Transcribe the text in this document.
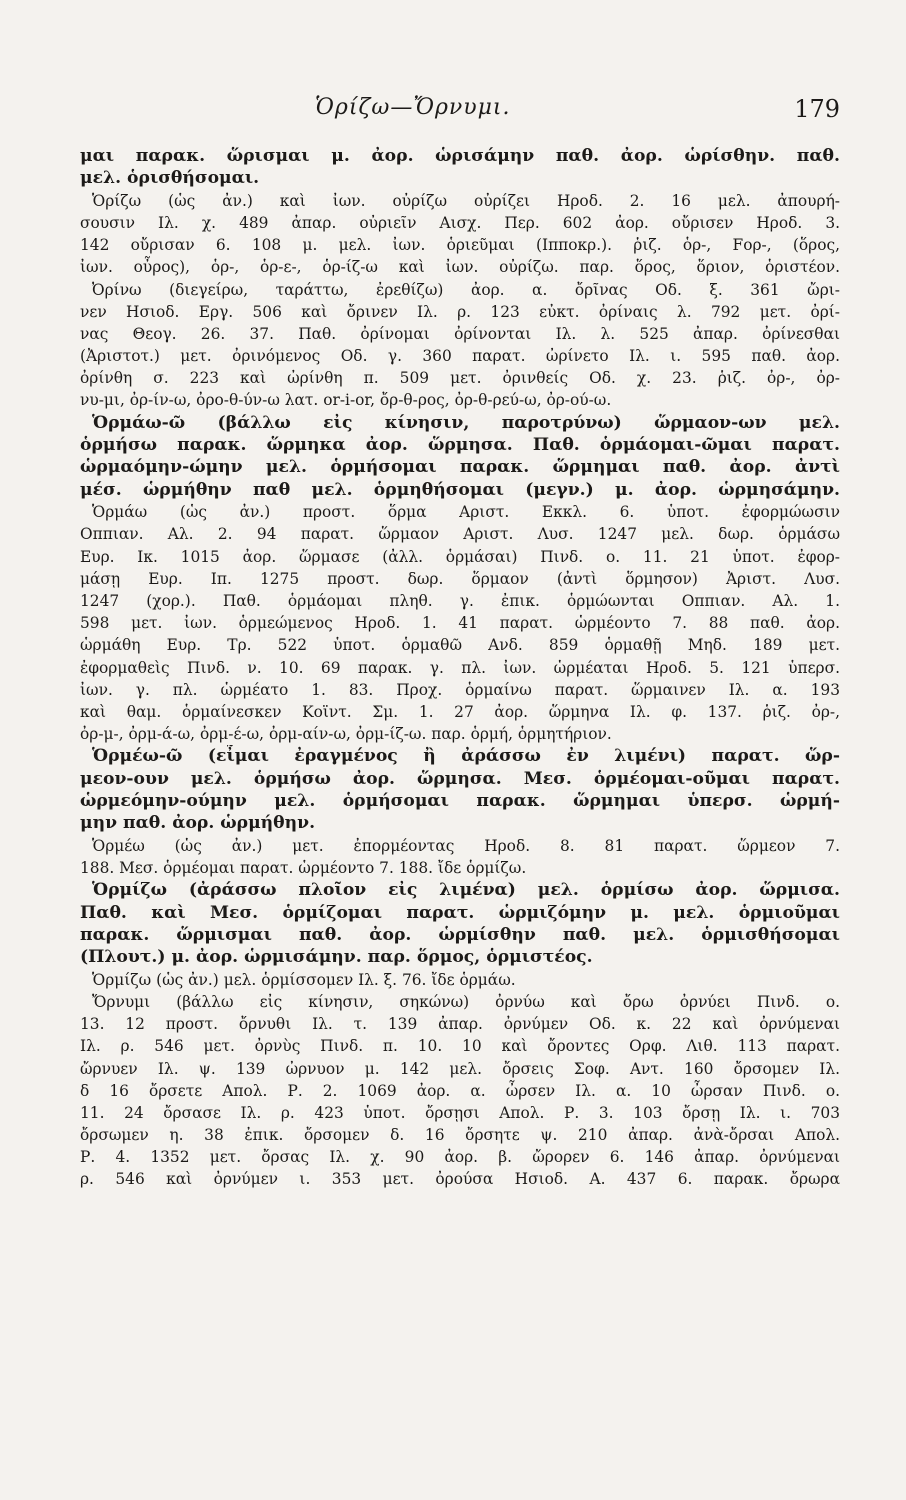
Ὁρίζω—Ὄρνυμι.	179
μαι παρακ. ὥρισμαι μ. ἀορ. ὡρισάμην παθ. ἀορ. ὡρίσθην. παθ.
μελ. ὁρισθήσομαι.
Ὁρίζω (ὡς ἀν.) καὶ ἰων. οὐρίζω οὐρίζει Ηροδ. 2. 16 μελ. ἀπουρή-
σουσιν Ιλ. χ. 489 ἀπαρ. οὐριεῖν Αισχ. Περ. 602 ἀορ. οὔρισεν Ηροδ. 3.
142 οὔρισαν 6. 108 μ. μελ. ἰων. ὁριεῦμαι (Ιπποκρ.). ῥιζ. ὁρ-, Fορ-, (ὅρος,
ἰων. οὖρος), ὁρ-, ὁρ-ε-, ὁρ-ίζ-ω καὶ ἰων. οὐρίζω. παρ. ὅρος, ὅριον, ὁριστέον.
Ὀρίνω (διεγείρω, ταράττω, ἐρεθίζω) ἀορ. α. ὄρῖνας Οδ. ξ. 361 ὤρι-
νεν Ησιοδ. Εργ. 506 καὶ ὄρινεν Ιλ. ρ. 123 εὐκτ. ὀρίναις λ. 792 μετ. ὀρί-
νας Θεογ. 26. 37. Παθ. ὀρίνομαι ὀρίνονται Ιλ. λ. 525 ἀπαρ. ὀρίνεσθαι
(Ἀριστοτ.) μετ. ὀρινόμενος Οδ. γ. 360 παρατ. ὠρίνετο Ιλ. ι. 595 παθ. ἀορ.
ὀρίνθη σ. 223 καὶ ὠρίνθη π. 509 μετ. ὀρινθείς Οδ. χ. 23. ῥιζ. ὀρ-, ὀρ-
νυ-μι, ὀρ-ίν-ω, ὀρο-θ-ύν-ω λατ. or-i-or, ὄρ-θ-ρος, ὀρ-θ-ρεύ-ω, ὀρ-ού-ω.
Ὁρμάω-ῶ (βάλλω εἰς κίνησιν, παροτρύνω) ὥρμαον-ων μελ.
ὁρμήσω παρακ. ὥρμηκα ἀορ. ὥρμησα. Παθ. ὁρμάομαι-ῶμαι παρατ.
ὡρμαόμην-ώμην μελ. ὁρμήσομαι παρακ. ὥρμημαι παθ. ἀορ. ἀντὶ
μέσ. ὡρμήθην παθ μελ. ὁρμηθήσομαι (μεγν.) μ. ἀορ. ὡρμησάμην.
Ὁρμάω (ὡς ἀν.) προστ. ὅρμα Αριστ. Εκκλ. 6. ὑποτ. ἐφορμώωσιν
Οππιαν. Αλ. 2. 94 παρατ. ὥρμαον Αριστ. Λυσ. 1247 μελ. δωρ. ὁρμάσω
Ευρ. Ικ. 1015 ἀορ. ὥρμασε (ἀλλ. ὁρμάσαι) Πινδ. ο. 11. 21 ὑποτ. ἐφορ-
μάσῃ Ευρ. Ιπ. 1275 προστ. δωρ. ὅρμαον (ἀντὶ ὅρμησον) Ἀριστ. Λυσ.
1247 (χορ.). Παθ. ὁρμάομαι πληθ. γ. ἐπικ. ὁρμώωνται Οππιαν. Αλ. 1.
598 μετ. ἰων. ὁρμεώμενος Ηροδ. 1. 41 παρατ. ὡρμέοντο 7. 88 παθ. ἀορ.
ὡρμάθη Ευρ. Τρ. 522 ὑποτ. ὁρμαθῶ Ανδ. 859 ὁρμαθῇ Μηδ. 189 μετ.
ἐφορμαθεὶς Πινδ. ν. 10. 69 παρακ. γ. πλ. ἰων. ὡρμέαται Ηροδ. 5. 121 ὑπερσ.
ἰων. γ. πλ. ὡρμέατο 1. 83. Προχ. ὁρμαίνω παρατ. ὥρμαινεν Ιλ. α. 193
καὶ θαμ. ὁρμαίνεσκεν Κοϊντ. Σμ. 1. 27 ἀορ. ὥρμηνα Ιλ. φ. 137. ῥιζ. ὀρ-,
ὀρ-μ-, ὀρμ-ά-ω, ὀρμ-έ-ω, ὀρμ-αίν-ω, ὀρμ-ίζ-ω. παρ. ὁρμή, ὁρμητήριον.
Ὁρμέω-ῶ (εἶμαι ἐραγμένος ἢ ἀράσσω ἐν λιμένι) παρατ. ὥρ-
μεον-ουν μελ. ὁρμήσω ἀορ. ὥρμησα. Μεσ. ὁρμέομαι-οῦμαι παρατ.
ὡρμεόμην-ούμην μελ. ὁρμήσομαι παρακ. ὥρμημαι ὑπερσ. ὡρμή-
μην παθ. ἀορ. ὡρμήθην.
Ὁρμέω (ὡς ἀν.) μετ. ἐπορμέοντας Ηροδ. 8. 81 παρατ. ὥρμεον 7.
188. Μεσ. ὁρμέομαι παρατ. ὡρμέοντο 7. 188. ἴδε ὁρμίζω.
Ὁρμίζω (ἀράσσω πλοῖον εἰς λιμένα) μελ. ὁρμίσω ἀορ. ὥρμισα.
Παθ. καὶ Μεσ. ὁρμίζομαι παρατ. ὡρμιζόμην μ. μελ. ὁρμιοῦμαι
παρακ. ὥρμισμαι παθ. ἀορ. ὡρμίσθην παθ. μελ. ὁρμισθήσομαι
(Πλουτ.) μ. ἀορ. ὡρμισάμην. παρ. ὅρμος, ὁρμιστέος.
Ὁρμίζω (ὡς ἀν.) μελ. ὁρμίσσομεν Ιλ. ξ. 76. ἴδε ὁρμάω.
Ὄρνυμι (βάλλω εἰς κίνησιν, σηκώνω) ὀρνύω καὶ ὄρω ὀρνύει Πινδ. ο.
13. 12 προστ. ὄρνυθι Ιλ. τ. 139 ἀπαρ. ὀρνύμεν Οδ. κ. 22 καὶ ὀρνύμεναι
Ιλ. ρ. 546 μετ. ὀρνὺς Πινδ. π. 10. 10 καὶ ὄροντες Ορφ. Λιθ. 113 παρατ.
ὤρνυεν Ιλ. ψ. 139 ὠρνυον μ. 142 μελ. ὄρσεις Σοφ. Αντ. 160 ὄρσομεν Ιλ.
δ 16 ὄρσετε Απολ. Ρ. 2. 1069 ἀορ. α. ὦρσεν Ιλ. α. 10 ὦρσαν Πινδ. ο.
11. 24 ὄρσασε Ιλ. ρ. 423 ὑποτ. ὄρσῃσι Απολ. Ρ. 3. 103 ὄρσῃ Ιλ. ι. 703
ὄρσωμεν η. 38 ἐπικ. ὄρσομεν δ. 16 ὄρσητε ψ. 210 ἀπαρ. ἀνὰ-ὄρσαι Απολ.
Ρ. 4. 1352 μετ. ὄρσας Ιλ. χ. 90 ἀορ. β. ὤρορεν 6. 146 ἀπαρ. ὀρνύμεναι
ρ. 546 καὶ ὀρνύμεν ι. 353 μετ. ὀρούσα Ησιοδ. Α. 437 6. παρακ. ὄρωρα
